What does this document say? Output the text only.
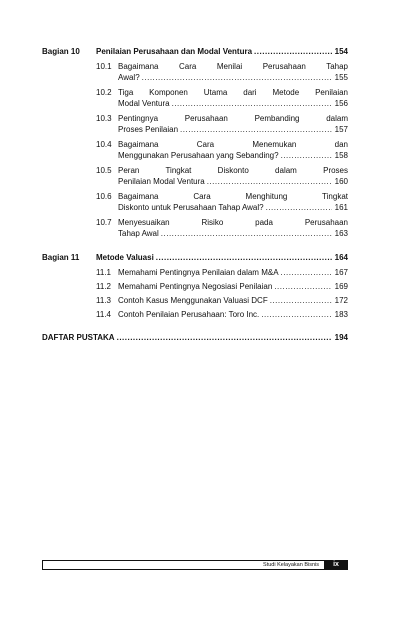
Bagian 10	Penilaian Perusahaan dan Modal Ventura .....	154
10.1 Bagaimana Cara Menilai Perusahaan Tahap
Awal? .....	155
10.2 Tiga Komponen Utama dari Metode Penilaian
Modal Ventura .....	156
10.3 Pentingnya Perusahaan Pembanding dalam
Proses Penilaian .....	157
10.4 Bagaimana Cara Menemukan dan
Menggunakan Perusahaan yang Sebanding? .....	158
10.5 Peran Tingkat Diskonto dalam Proses
Penilaian Modal Ventura .....	160
10.6 Bagaimana Cara Menghitung Tingkat
Diskonto untuk Perusahaan Tahap Awal? .....	161
10.7 Menyesuaikan Risiko pada Perusahaan
Tahap Awal .....	163
Bagian 11	Metode Valuasi .....	164
11.1 Memahami Pentingnya Penilaian dalam M&A .....	167
11.2 Memahami Pentingnya Negosiasi Penilaian .....	169
11.3 Contoh Kasus Menggunakan Valuasi DCF .....	172
11.4 Contoh Penilaian Perusahaan: Toro Inc. .....	183
DAFTAR PUSTAKA .....	194
Studi Kelayakan Bisnis	ix
